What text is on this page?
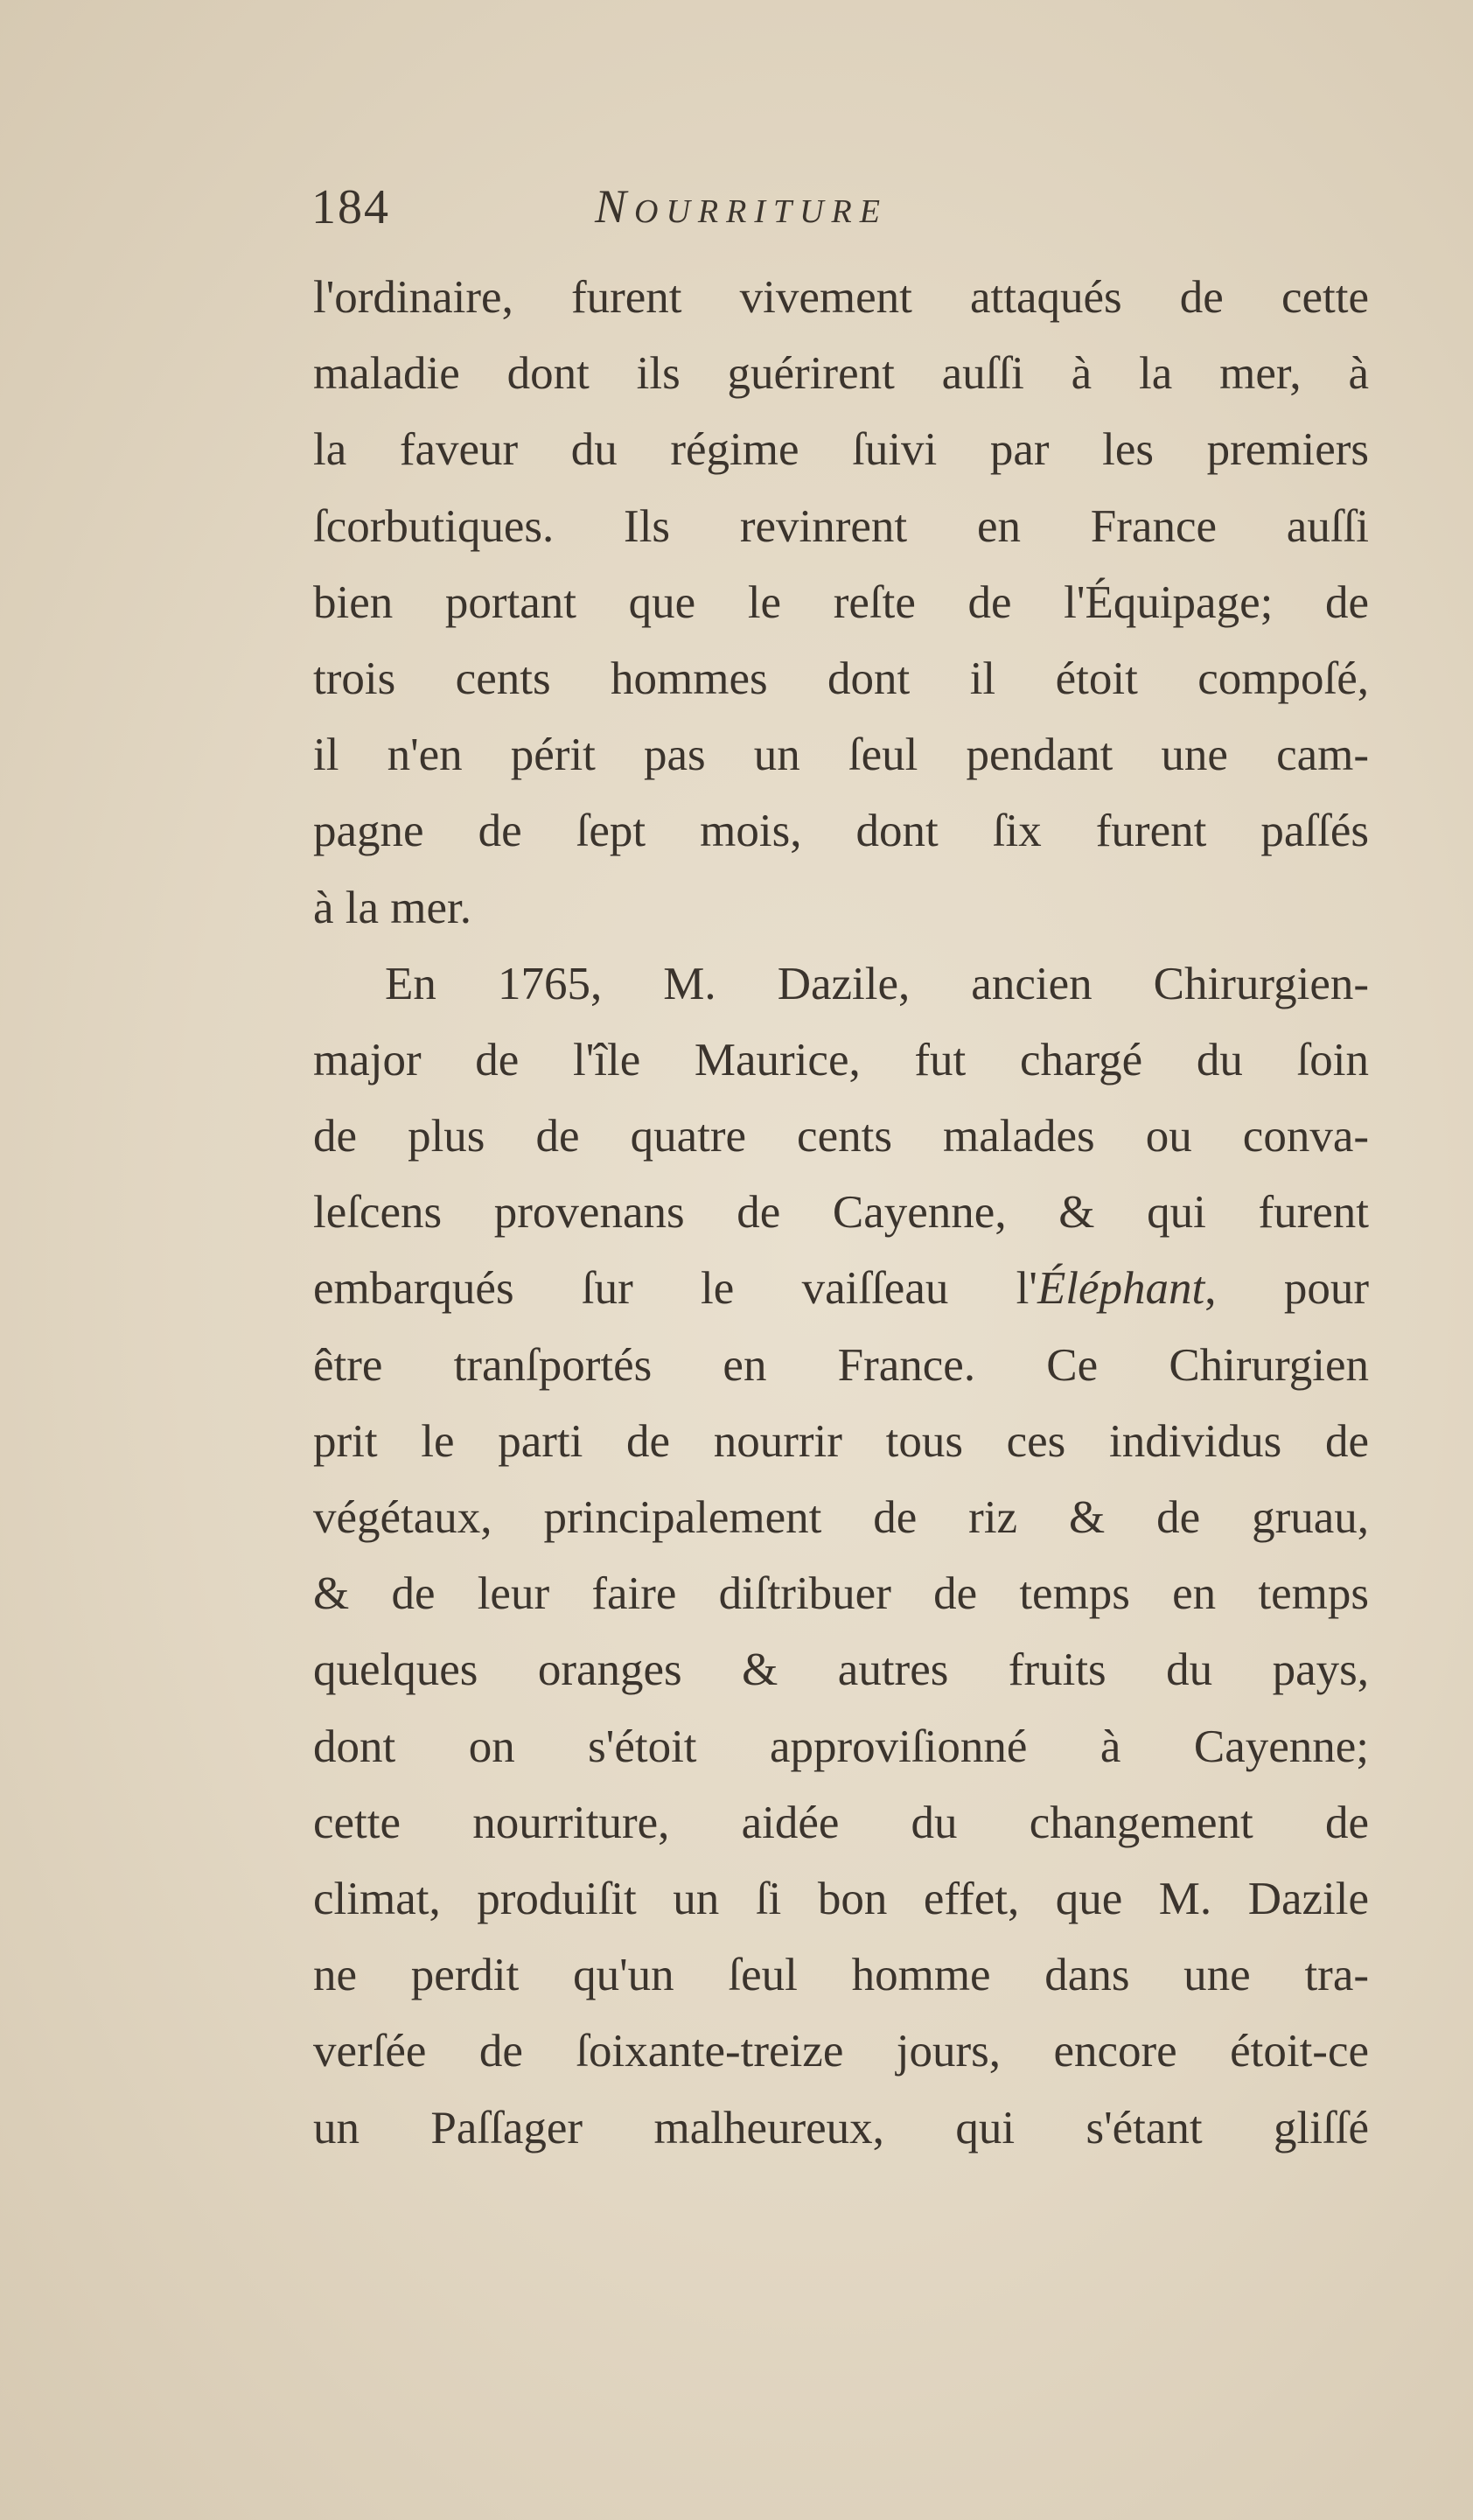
184	Nourriture
l'ordinaire, furent vivement attaqués de cette
maladie dont ils guérirent auſſi à la mer, à
la faveur du régime ſuivi par les premiers
ſcorbutiques. Ils revinrent en France auſſi
bien portant que le reſte de l'Équipage; de
trois cents hommes dont il étoit compoſé,
il n'en périt pas un ſeul pendant une cam-
pagne de ſept mois, dont ſix furent paſſés
à la mer.
En 1765, M. Dazile, ancien Chirurgien-
major de l'île Maurice, fut chargé du ſoin
de plus de quatre cents malades ou conva-
leſcens provenans de Cayenne, & qui furent
embarqués ſur le vaiſſeau l'Éléphant, pour
être tranſportés en France. Ce Chirurgien
prit le parti de nourrir tous ces individus de
végétaux, principalement de riz & de gruau,
& de leur faire diſtribuer de temps en temps
quelques oranges & autres fruits du pays,
dont on s'étoit approviſionné à Cayenne;
cette nourriture, aidée du changement de
climat, produiſit un ſi bon effet, que M. Dazile
ne perdit qu'un ſeul homme dans une tra-
verſée de ſoixante-treize jours, encore étoit-ce
un Paſſager malheureux, qui s'étant gliſſé
